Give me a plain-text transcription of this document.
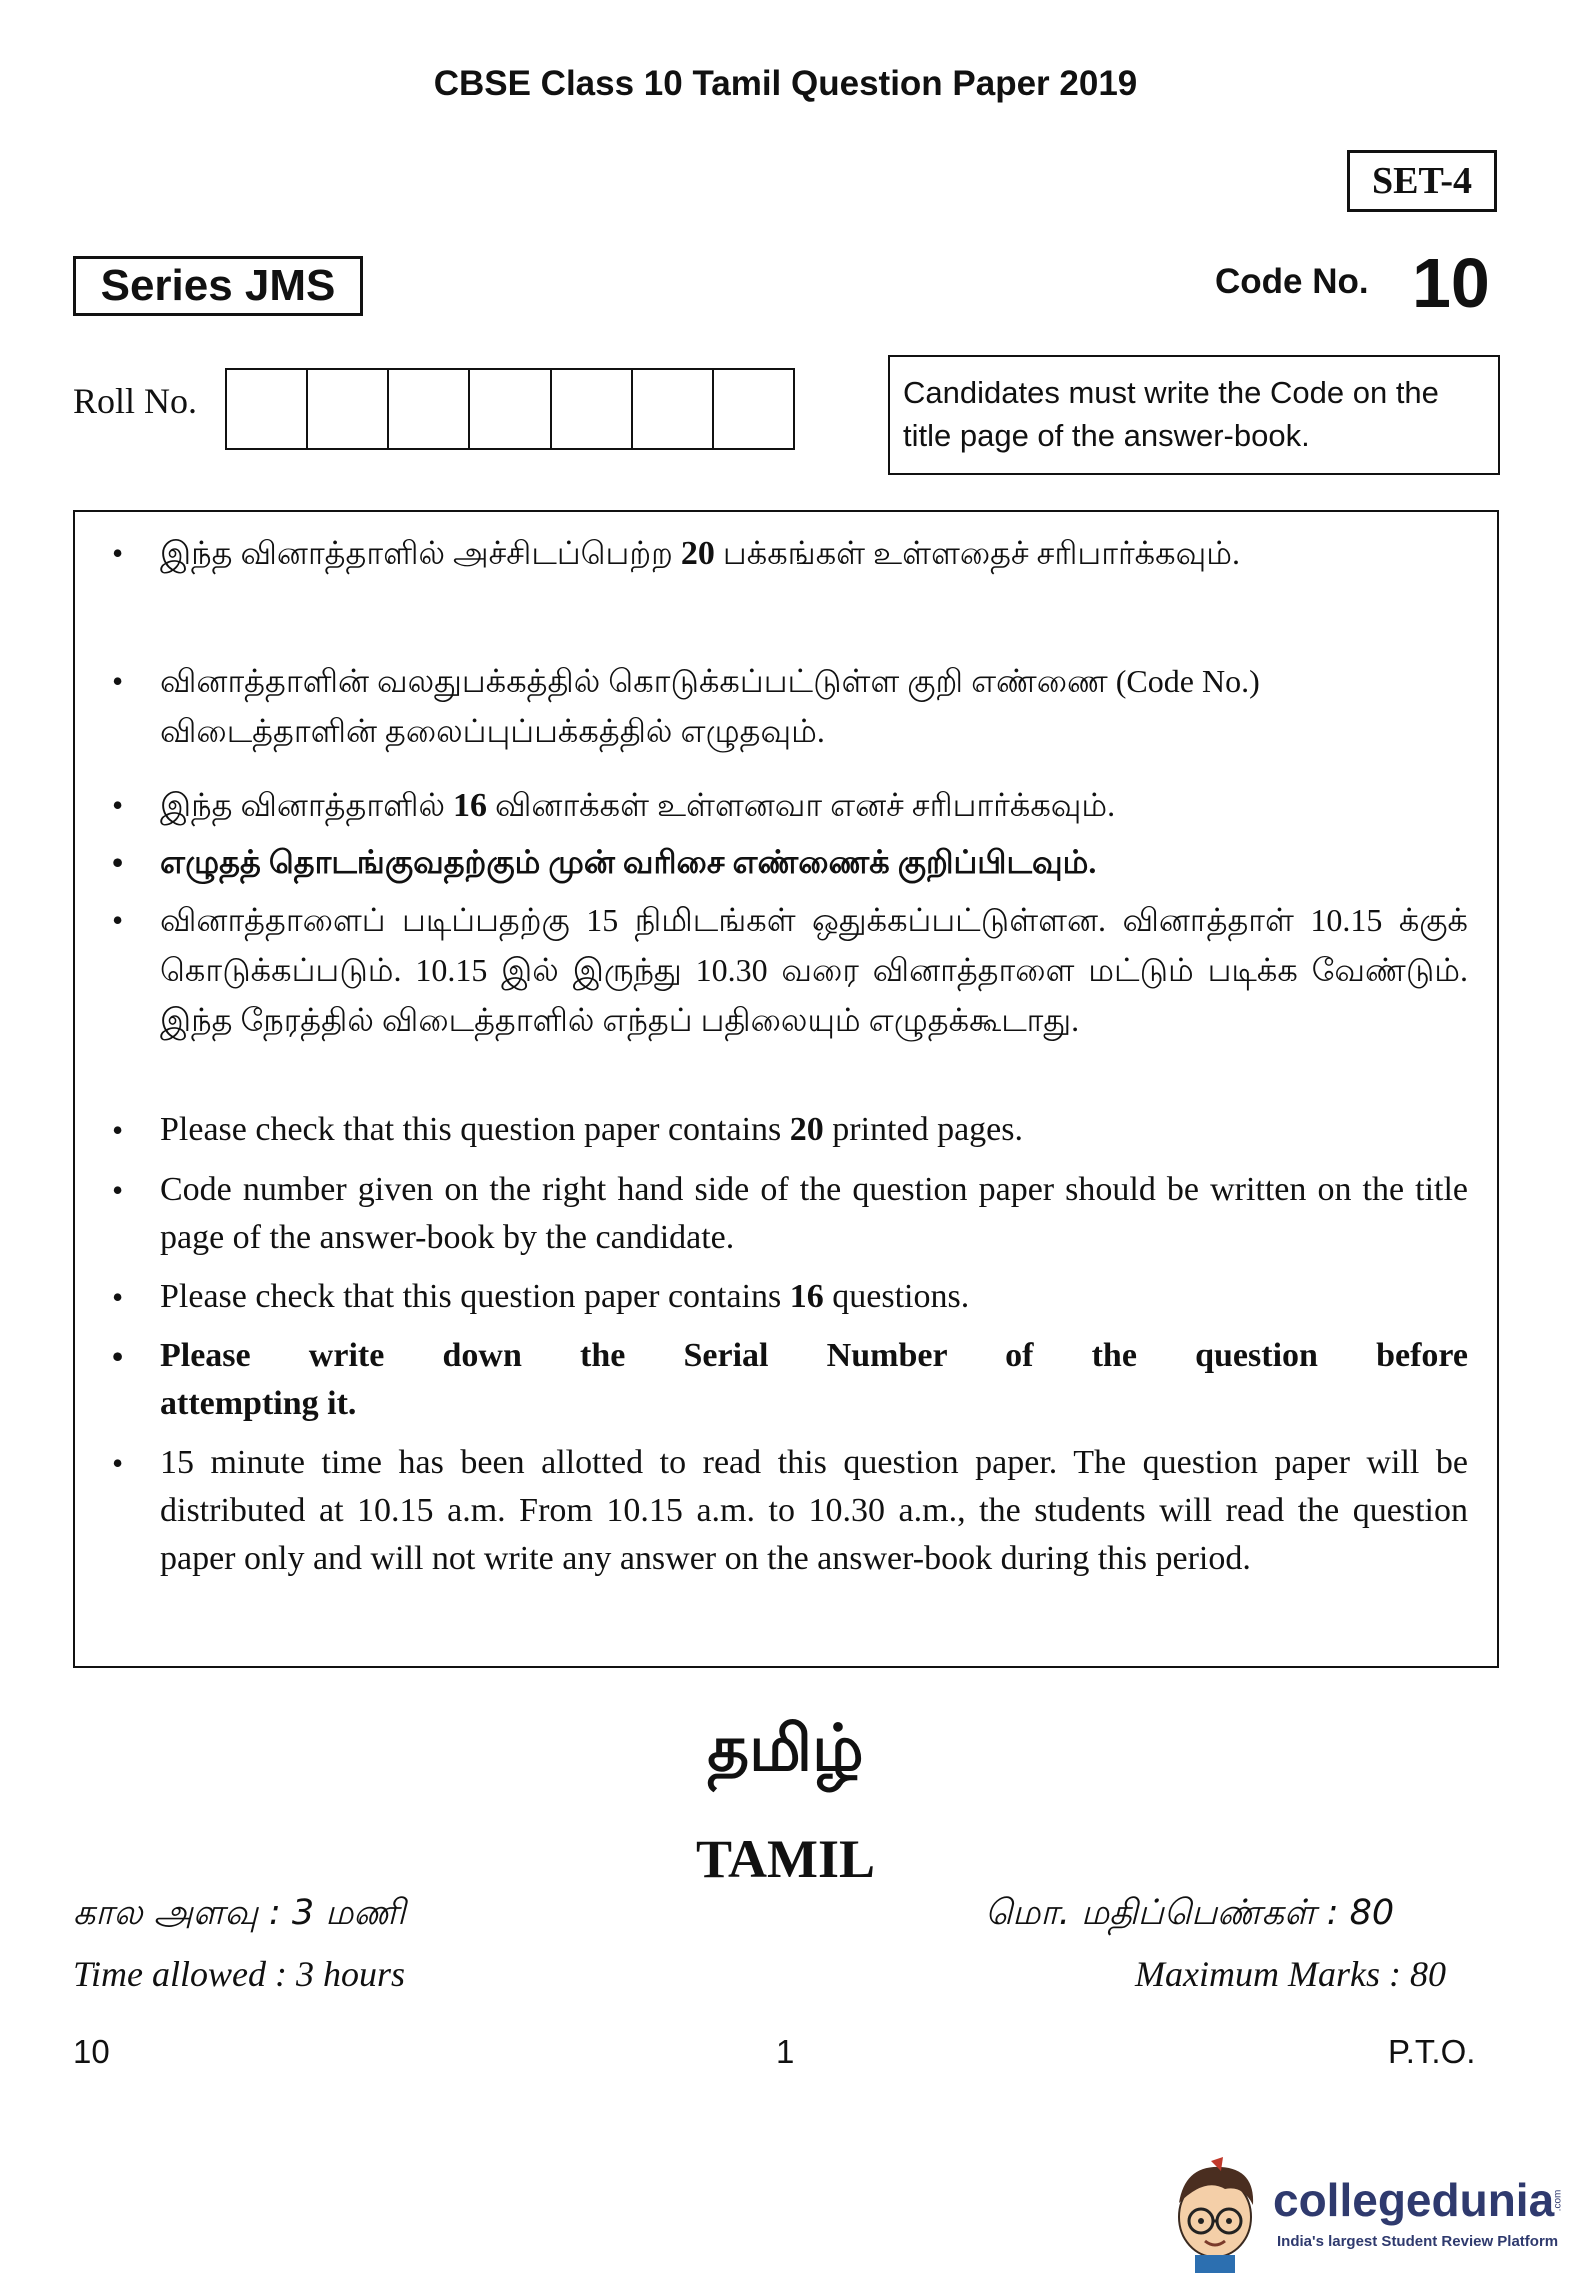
CBSE Class 10 Tamil Question Paper 2019
SET-4
Series JMS	Code No. 10
Roll No.	Candidates must write the Code on the title page of the answer-book.
• இந்த வினாத்தாளில் அச்சிடப்பெற்ற 20 பக்கங்கள் உள்ளதைச் சரிபார்க்கவும்.
• வினாத்தாளின் வலதுபக்கத்தில் கொடுக்கப்பட்டுள்ள குறி எண்ணை (Code No.) விடைத்தாளின் தலைப்புப்பக்கத்தில் எழுதவும்.
• இந்த வினாத்தாளில் 16 வினாக்கள் உள்ளனவா எனச் சரிபார்க்கவும்.
• எழுதத் தொடங்குவதற்கும் முன் வரிசை எண்ணைக் குறிப்பிடவும்.
• வினாத்தாளைப் படிப்பதற்கு 15 நிமிடங்கள் ஒதுக்கப்பட்டுள்ளன. வினாத்தாள் 10.15 க்குக் கொடுக்கப்படும். 10.15 இல் இருந்து 10.30 வரை வினாத்தாளை மட்டும் படிக்க வேண்டும். இந்த நேரத்தில் விடைத்தாளில் எந்தப் பதிலையும் எழுதக்கூடாது.
• Please check that this question paper contains 20 printed pages.
• Code number given on the right hand side of the question paper should be written on the title page of the answer-book by the candidate.
• Please check that this question paper contains 16 questions.
• Please write down the Serial Number of the question before
attempting it.
• 15 minute time has been allotted to read this question paper. The question paper will be distributed at 10.15 a.m. From 10.15 a.m. to 10.30 a.m., the students will read the question paper only and will not write any answer on the answer-book during this period.
தமிழ்
TAMIL
கால அளவு : 3 மணி	மொ. மதிப்பெண்கள் : 80
Time allowed : 3 hours	Maximum Marks : 80
10	1	P.T.O.
collegedunia
India's largest Student Review Platform
.com
